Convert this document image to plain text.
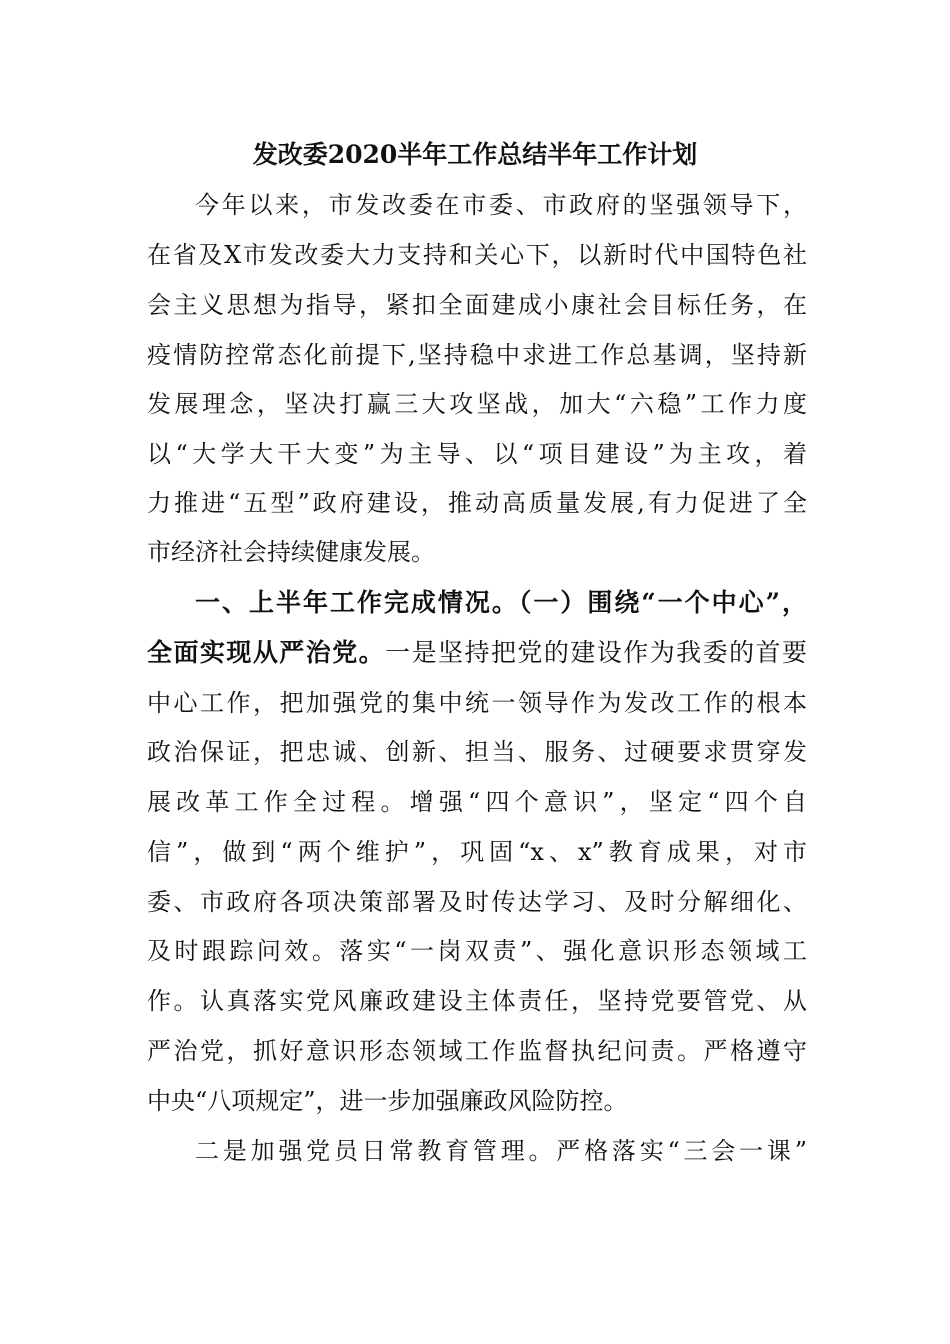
发改委2020半年工作总结半年工作计划
今年以来，市发改委在市委、市政府的坚强领导下，
在省及X市发改委大力支持和关心下，以新时代中国特色社
会主义思想为指导，紧扣全面建成小康社会目标任务，在
疫情防控常态化前提下,坚持稳中求进工作总基调，坚持新
发展理念，坚决打赢三大攻坚战，加大“六稳”工作力度
以“大学大干大变”为主导、以“项目建设”为主攻，着
力推进“五型”政府建设，推动高质量发展,有力促进了全
市经济社会持续健康发展。
一、上半年工作完成情况。（一）围绕“一个中心”，
全面实现从严治党。一是坚持把党的建设作为我委的首要
中心工作，把加强党的集中统一领导作为发改工作的根本
政治保证，把忠诚、创新、担当、服务、过硬要求贯穿发
展改革工作全过程。增强“四个意识”，坚定“四个自
信”，做到“两个维护”，巩固“x、x”教育成果，对市
委、市政府各项决策部署及时传达学习、及时分解细化、
及时跟踪问效。落实“一岗双责”、强化意识形态领域工
作。认真落实党风廉政建设主体责任，坚持党要管党、从
严治党，抓好意识形态领域工作监督执纪问责。严格遵守
中央“八项规定”，进一步加强廉政风险防控。
二是加强党员日常教育管理。严格落实“三会一课”
